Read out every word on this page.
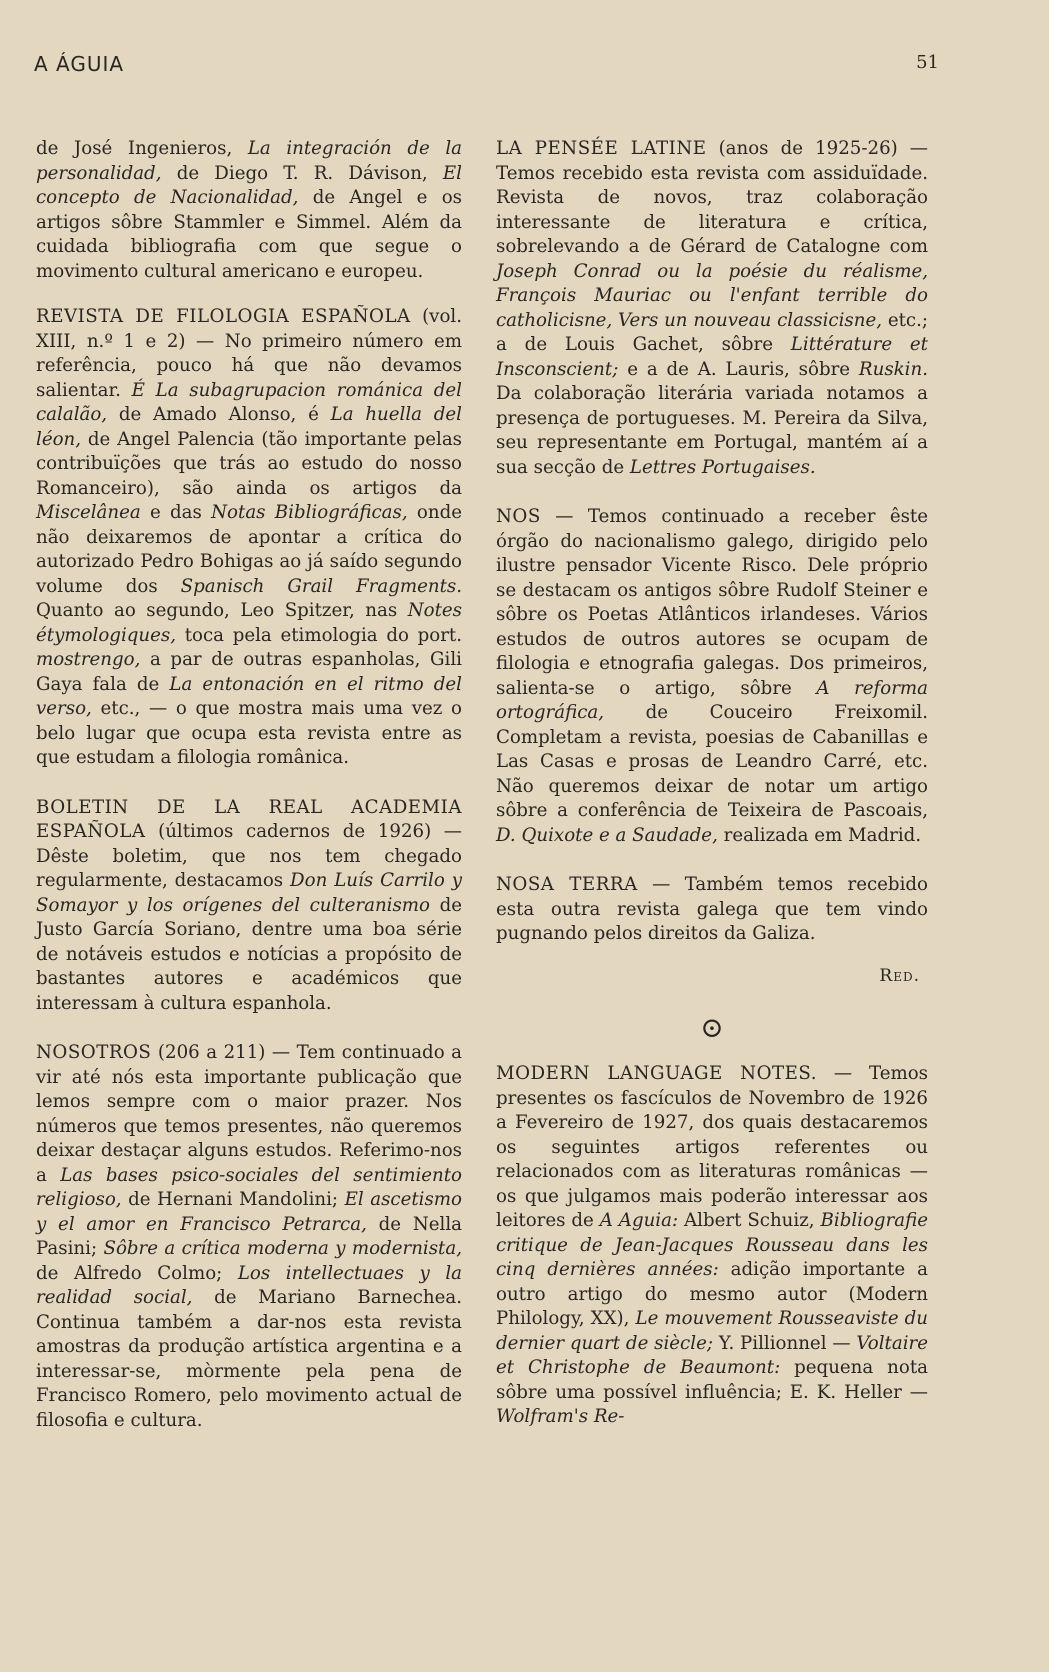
A ÁGUIA	51

de José Ingenieros, La integración de la personalidad, de Diego T. R. Dávison, El concepto de Nacionalidad, de Angel e os artigos sôbre Stammler e Simmel. Além da cuidada bibliografia com que segue o movimento cultural americano e europeu.

REVISTA DE FILOLOGIA ESPAÑOLA (vol. XIII, n.º 1 e 2) — No primeiro número em referência, pouco há que não devamos salientar. É La subagrupacion románica del calalão, de Amado Alonso, é La huella del léon, de Angel Palencia (tão importante pelas contribuïções que trás ao estudo do nosso Romanceiro), são ainda os artigos da Miscelânea e das Notas Bibliográficas, onde não deixaremos de apontar a crítica do autorizado Pedro Bohigas ao já saído segundo volume dos Spanisch Grail Fragments. Quanto ao segundo, Leo Spitzer, nas Notes étymologiques, toca pela etimologia do port. mostrengo, a par de outras espanholas, Gili Gaya fala de La entonación en el ritmo del verso, etc., — o que mostra mais uma vez o belo lugar que ocupa esta revista entre as que estudam a filologia românica.

BOLETIN DE LA REAL ACADEMIA ESPAÑOLA (últimos cadernos de 1926) — Dêste boletim, que nos tem chegado regularmente, destacamos Don Luís Carrilo y Somayor y los orígenes del culteranismo de Justo García Soriano, dentre uma boa série de notáveis estudos e notícias a propósito de bastantes autores e académicos que interessam à cultura espanhola.

NOSOTROS (206 a 211) — Tem continuado a vir até nós esta importante publicação que lemos sempre com o maior prazer. Nos números que temos presentes, não queremos deixar destaçar alguns estudos. Referimo-nos a Las bases psico-sociales del sentimiento religioso, de Hernani Mandolini; El ascetismo y el amor en Francisco Petrarca, de Nella Pasini; Sôbre a crítica moderna y modernista, de Alfredo Colmo; Los intellectuaes y la realidad social, de Mariano Barnechea. Continua também a dar-nos esta revista amostras da produção artística argentina e a interessar-se, mòrmente pela pena de Francisco Romero, pelo movimento actual de filosofia e cultura.

LA PENSÉE LATINE (anos de 1925-26) — Temos recebido esta revista com assiduïdade. Revista de novos, traz colaboração interessante de literatura e crítica, sobrelevando a de Gérard de Catalogne com Joseph Conrad ou la poésie du réalisme, François Mauriac ou l'enfant terrible do catholicisne, Vers un nouveau classicisne, etc.; a de Louis Gachet, sôbre Littérature et Insconscient; e a de A. Lauris, sôbre Ruskin. Da colaboração literária variada notamos a presença de portugueses. M. Pereira da Silva, seu representante em Portugal, mantém aí a sua secção de Lettres Portugaises.

NOS — Temos continuado a receber êste órgão do nacionalismo galego, dirigido pelo ilustre pensador Vicente Risco. Dele próprio se destacam os antigos sôbre Rudolf Steiner e sôbre os Poetas Atlânticos irlandeses. Vários estudos de outros autores se ocupam de filologia e etnografia galegas. Dos primeiros, salienta-se o artigo, sôbre A reforma ortográfica, de Couceiro Freixomil. Completam a revista, poesias de Cabanillas e Las Casas e prosas de Leandro Carré, etc. Não queremos deixar de notar um artigo sôbre a conferência de Teixeira de Pascoais, D. Quixote e a Saudade, realizada em Madrid.

NOSA TERRA — Também temos recebido esta outra revista galega que tem vindo pugnando pelos direitos da Galiza.

Red.
⊙

MODERN LANGUAGE NOTES. — Temos presentes os fascículos de Novembro de 1926 a Fevereiro de 1927, dos quais destacaremos os seguintes artigos referentes ou relacionados com as literaturas românicas — os que julgamos mais poderão interessar aos leitores de A Aguia: Albert Schuiz, Bibliografie critique de Jean-Jacques Rousseau dans les cinq dernières années: adição importante a outro artigo do mesmo autor (Modern Philology, XX), Le mouvement Rousseaviste du dernier quart de siècle; Y. Pillionnel — Voltaire et Christophe de Beaumont: pequena nota sôbre uma possível influência; E. K. Heller — Wolfram's Re-
